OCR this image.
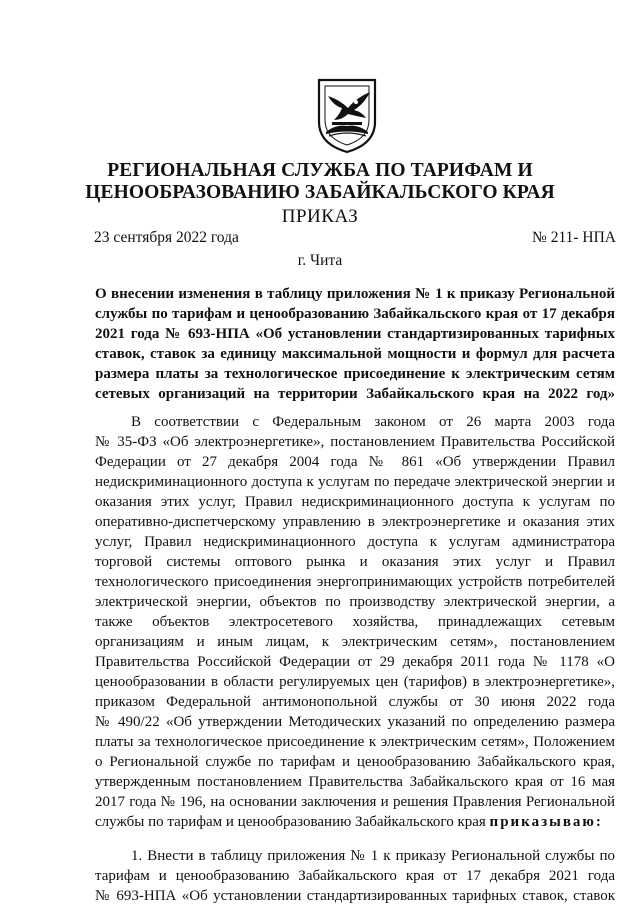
РЕГИОНАЛЬНАЯ СЛУЖБА ПО ТАРИФАМ И
ЦЕНООБРАЗОВАНИЮ ЗАБАЙКАЛЬСКОГО КРАЯ
ПРИКАЗ
23 сентября 2022 года	№ 211- НПА
г. Чита
О внесении изменения в таблицу приложения № 1 к приказу Региональной
службы по тарифам и ценообразованию Забайкальского края от 17 декабря
2021 года № 693-НПА «Об установлении стандартизированных тарифных
ставок, ставок за единицу максимальной мощности и формул для расчета
размера платы за технологическое присоединение к электрическим сетям
сетевых организаций на территории Забайкальского края на 2022 год»
В соответствии с Федеральным законом от 26 марта 2003 года
№ 35-ФЗ «Об электроэнергетике», постановлением Правительства Российской
Федерации от 27 декабря 2004 года № 861 «Об утверждении Правил
недискриминационного доступа к услугам по передаче электрической энергии и
оказания этих услуг, Правил недискриминационного доступа к услугам по
оперативно-диспетчерскому управлению в электроэнергетике и оказания этих
услуг, Правил недискриминационного доступа к услугам администратора
торговой системы оптового рынка и оказания этих услуг и Правил
технологического присоединения энергопринимающих устройств потребителей
электрической энергии, объектов по производству электрической энергии, а
также объектов электросетевого хозяйства, принадлежащих сетевым
организациям и иным лицам, к электрическим сетям», постановлением
Правительства Российской Федерации от 29 декабря 2011 года № 1178 «О
ценообразовании в области регулируемых цен (тарифов) в электроэнергетике»,
приказом Федеральной антимонопольной службы от 30 июня 2022 года
№ 490/22 «Об утверждении Методических указаний по определению размера
платы за технологическое присоединение к электрическим сетям», Положением
о Региональной службе по тарифам и ценообразованию Забайкальского края,
утвержденным постановлением Правительства Забайкальского края от 16 мая
2017 года № 196, на основании заключения и решения Правления Региональной
службы по тарифам и ценообразованию Забайкальского края приказываю:
1. Внести в таблицу приложения № 1 к приказу Региональной службы по
тарифам и ценообразованию Забайкальского края от 17 декабря 2021 года
№ 693-НПА «Об установлении стандартизированных тарифных ставок, ставок
